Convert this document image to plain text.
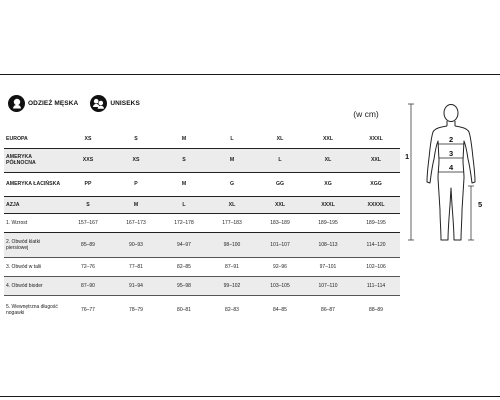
ODZIEŻ MĘSKA	UNISEKS
(w cm)
EUROPA	XS	S	M	L	XL	XXL	XXXL
AMERYKA PÓŁNOCNA	XXS	XS	S	M	L	XL	XXL
AMERYKA ŁACIŃSKA	PP	P	M	G	GG	XG	XGG
AZJA	S	M	L	XL	XXL	XXXL	XXXXL
1. Wzrost	157–167	167–173	172–178	177–183	183–189	189–195	189–195
2. Obwód klatki piersiowej	85–89	90–93	94–97	98–100	101–107	108–113	114–120
3. Obwód w talii	72–76	77–81	82–85	87–91	92–96	97–101	102–106
4. Obwód bioder	87–90	91–94	95–98	99–102	103–105	107–110	111–114
5. Wewnętrzna długość nogawki	76–77	78–79	80–81	82–83	84–85	86–87	88–89
1
2
3
4
5
